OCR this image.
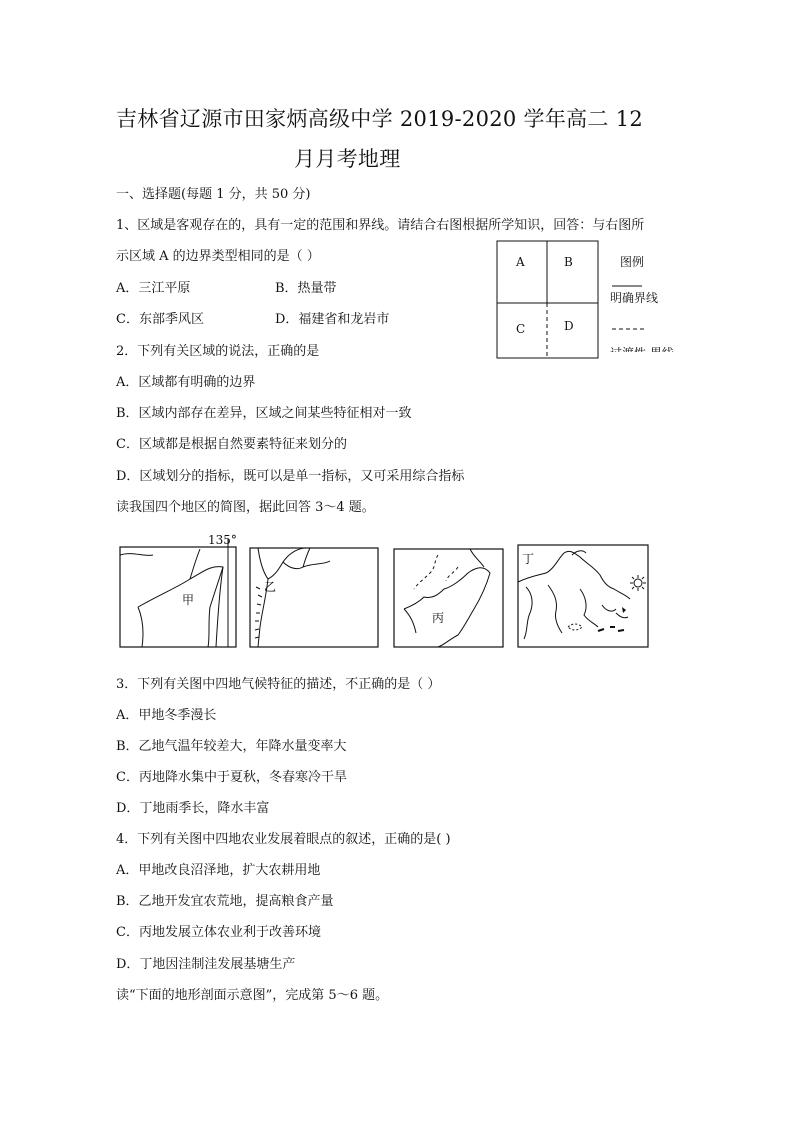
吉林省辽源市田家炳高级中学 2019-2020 学年高二 12
月月考地理
一、选择题(每题 1 分，共 50 分)
1、区域是客观存在的，具有一定的范围和界线。请结合右图根据所学知识，回答：与右图所
示区域 A 的边界类型相同的是（ ）
A．三江平原	B．热量带
C．东部季风区	D．福建省和龙岩市
A	B
C	D
图例
明确界线
2．下列有关区域的说法，正确的是
A．区域都有明确的边界
B．区域内部存在差异，区域之间某些特征相对一致
C．区域都是根据自然要素特征来划分的
D．区域划分的指标，既可以是单一指标，又可采用综合指标
读我国四个地区的简图，据此回答 3～4 题。
135°
甲
乙
丙
丁
3．下列有关图中四地气候特征的描述，不正确的是（ ）
A．甲地冬季漫长
B．乙地气温年较差大，年降水量变率大
C．丙地降水集中于夏秋，冬春寒冷干旱
D．丁地雨季长，降水丰富
4．下列有关图中四地农业发展着眼点的叙述，正确的是( )
A．甲地改良沼泽地，扩大农耕用地
B．乙地开发宜农荒地，提高粮食产量
C．丙地发展立体农业利于改善环境
D．丁地因洼制洼发展基塘生产
读“下面的地形剖面示意图”，完成第 5～6 题。
